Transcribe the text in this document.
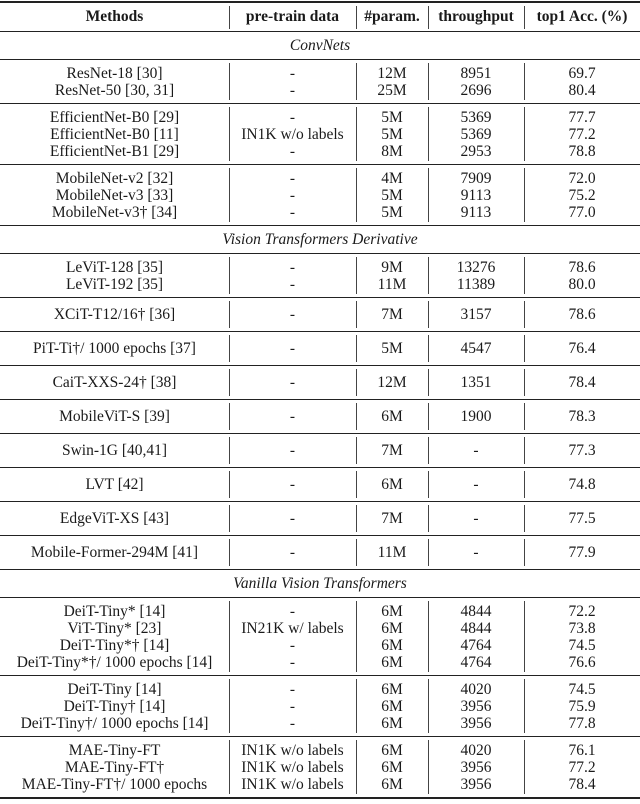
Methods	pre-train data	#param.	throughput	top1 Acc. (%)
ConvNets
ResNet-18 [30]	-	12M	8951	69.7
ResNet-50 [30, 31]	-	25M	2696	80.4
EfficientNet-B0 [29]	-	5M	5369	77.7
EfficientNet-B0 [11]	IN1K w/o labels	5M	5369	77.2
EfficientNet-B1 [29]	-	8M	2953	78.8
MobileNet-v2 [32]	-	4M	7909	72.0
MobileNet-v3 [33]	-	5M	9113	75.2
MobileNet-v3† [34]	-	5M	9113	77.0
Vision Transformers Derivative
LeViT-128 [35]	-	9M	13276	78.6
LeViT-192 [35]	-	11M	11389	80.0
XCiT-T12/16† [36]	-	7M	3157	78.6
PiT-Ti†/ 1000 epochs [37]	-	5M	4547	76.4
CaiT-XXS-24† [38]	-	12M	1351	78.4
MobileViT-S [39]	-	6M	1900	78.3
Swin-1G [40,41]	-	7M	-	77.3
LVT [42]	-	6M	-	74.8
EdgeViT-XS [43]	-	7M	-	77.5
Mobile-Former-294M [41]	-	11M	-	77.9
Vanilla Vision Transformers
DeiT-Tiny* [14]	-	6M	4844	72.2
ViT-Tiny* [23]	IN21K w/ labels	6M	4844	73.8
DeiT-Tiny*† [14]	-	6M	4764	74.5
DeiT-Tiny*†/ 1000 epochs [14]	-	6M	4764	76.6
DeiT-Tiny [14]	-	6M	4020	74.5
DeiT-Tiny† [14]	-	6M	3956	75.9
DeiT-Tiny†/ 1000 epochs [14]	-	6M	3956	77.8
MAE-Tiny-FT	IN1K w/o labels	6M	4020	76.1
MAE-Tiny-FT†	IN1K w/o labels	6M	3956	77.2
MAE-Tiny-FT†/ 1000 epochs	IN1K w/o labels	6M	3956	78.4
